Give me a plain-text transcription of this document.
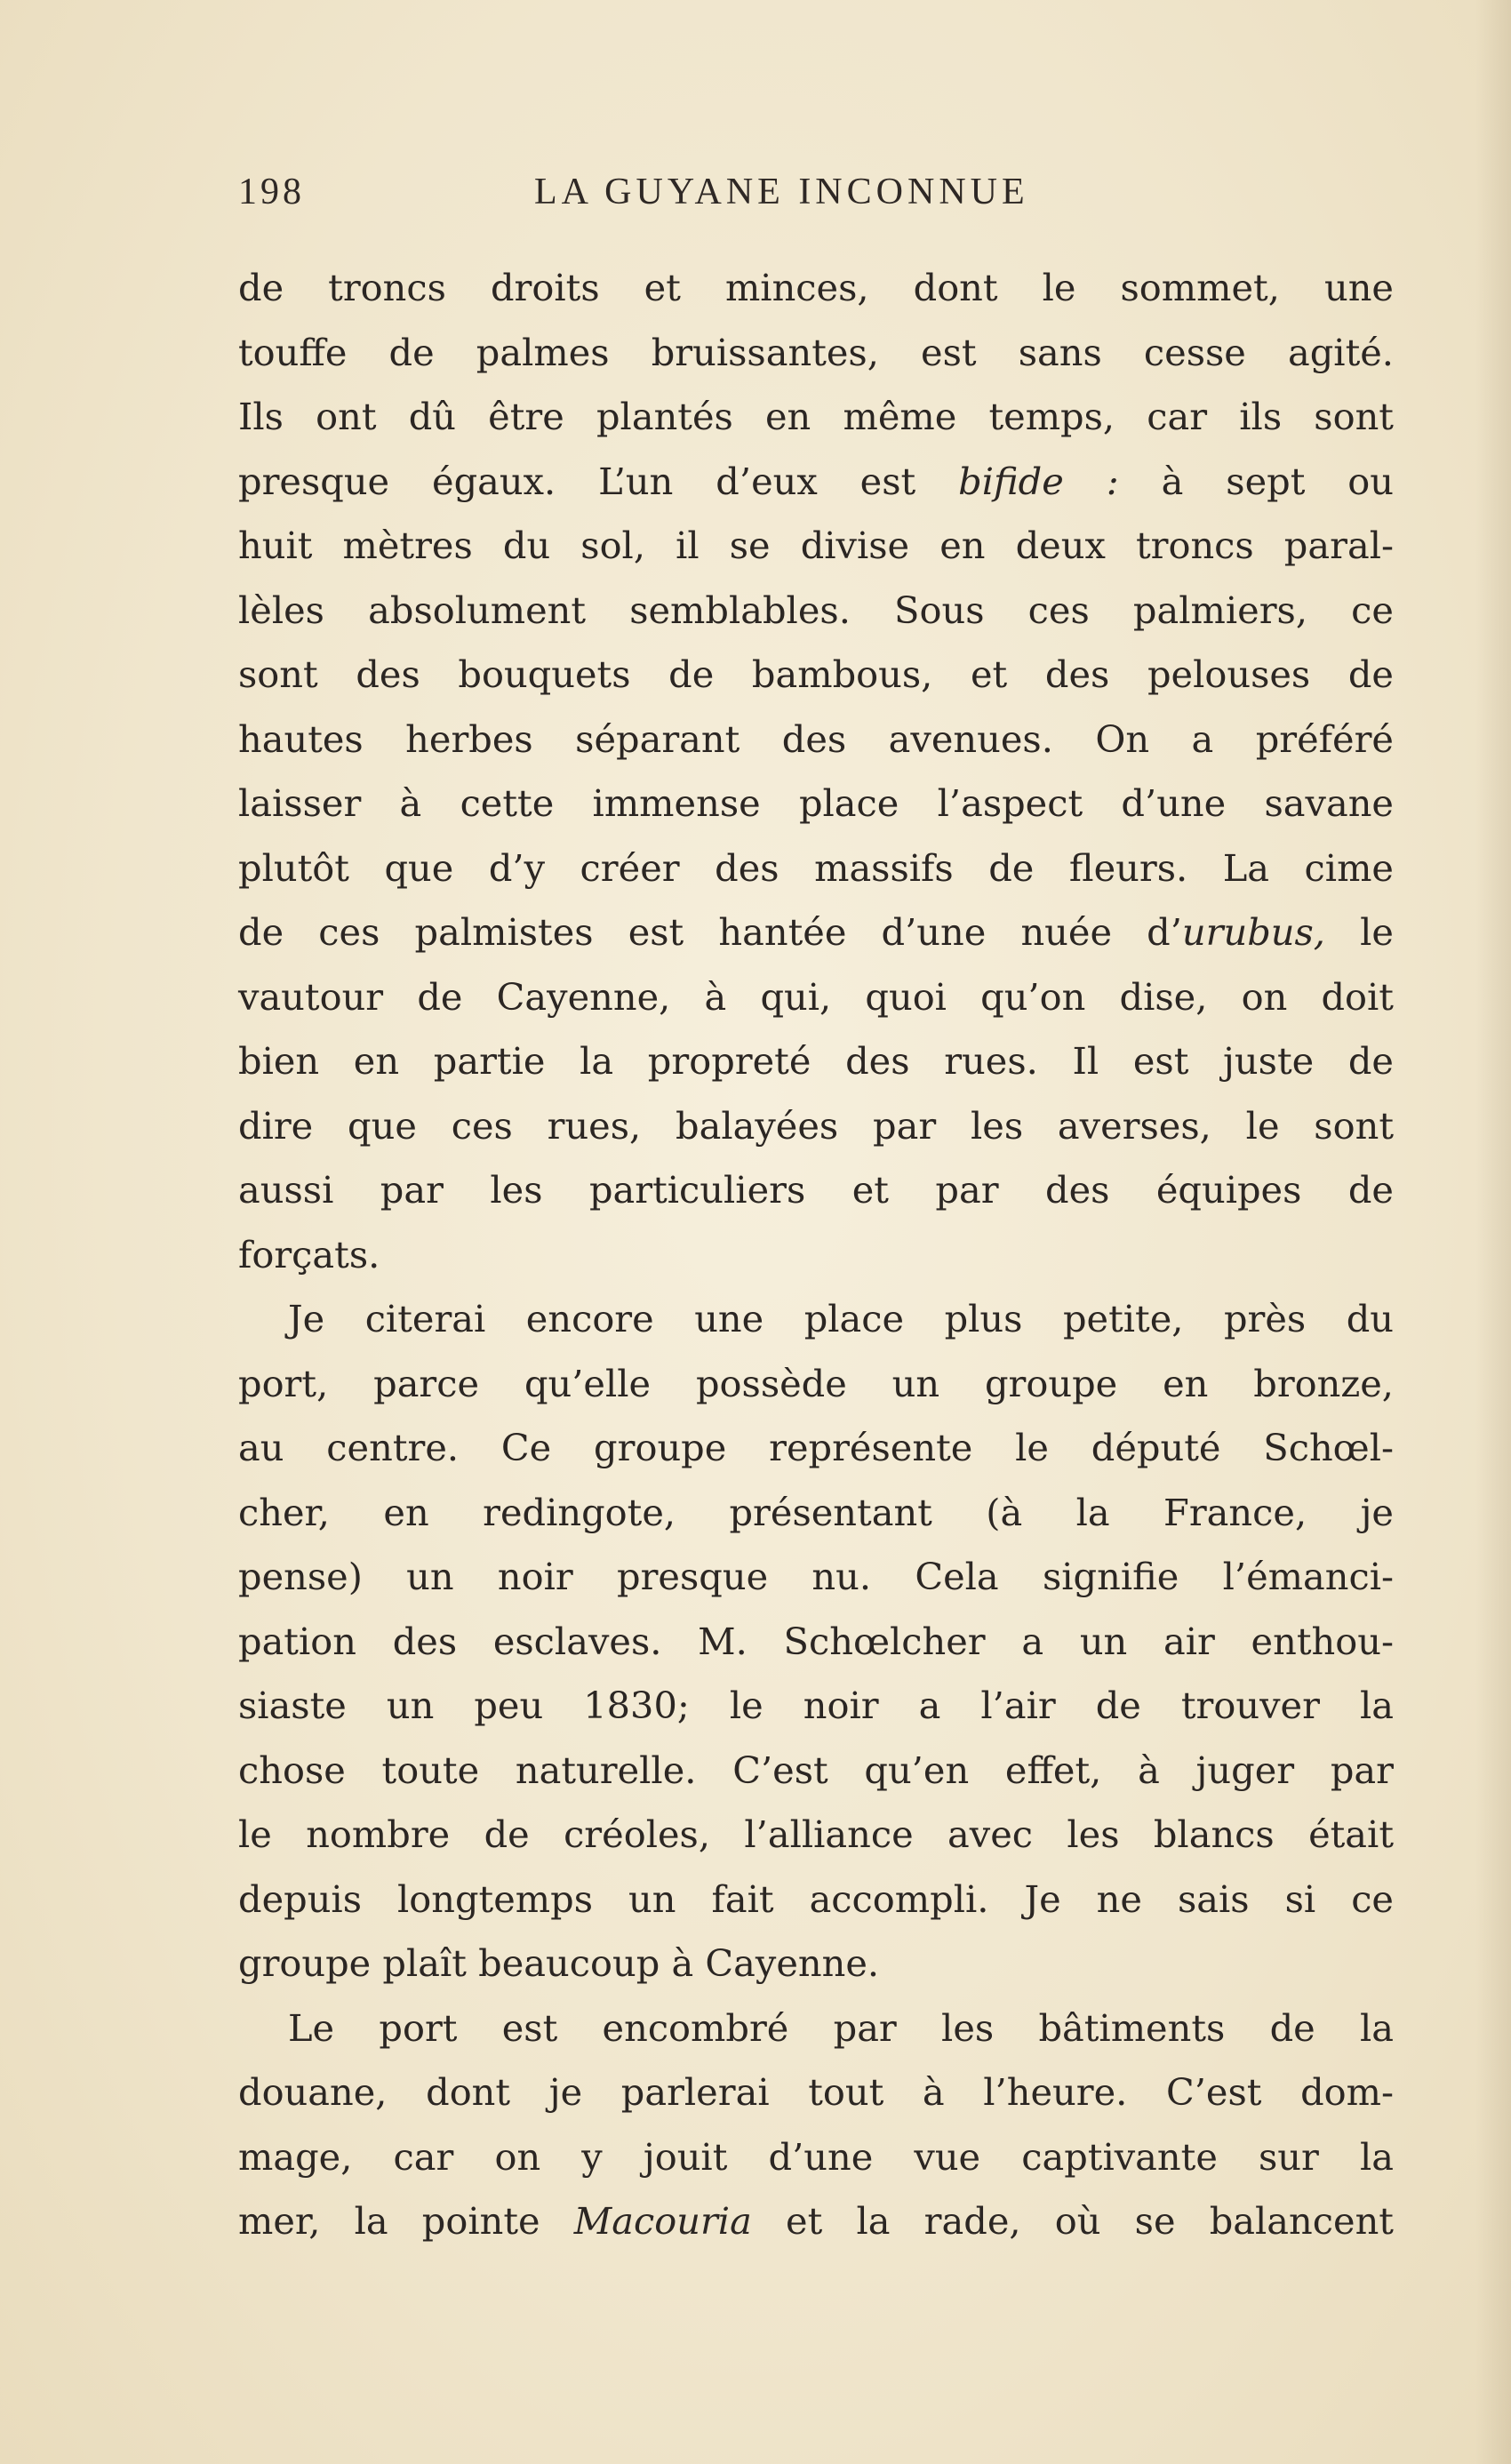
198	LA GUYANE INCONNUE
de troncs droits et minces, dont le sommet, une
touffe de palmes bruissantes, est sans cesse agité.
Ils ont dû être plantés en même temps, car ils sont
presque égaux. L’un d’eux est bifide : à sept ou
huit mètres du sol, il se divise en deux troncs paral-
lèles absolument semblables. Sous ces palmiers, ce
sont des bouquets de bambous, et des pelouses de
hautes herbes séparant des avenues. On a préféré
laisser à cette immense place l’aspect d’une savane
plutôt que d’y créer des massifs de fleurs. La cime
de ces palmistes est hantée d’une nuée d’urubus, le
vautour de Cayenne, à qui, quoi qu’on dise, on doit
bien en partie la propreté des rues. Il est juste de
dire que ces rues, balayées par les averses, le sont
aussi par les particuliers et par des équipes de
forçats.
Je citerai encore une place plus petite, près du
port, parce qu’elle possède un groupe en bronze,
au centre. Ce groupe représente le député Schœl-
cher, en redingote, présentant (à la France, je
pense) un noir presque nu. Cela signifie l’émanci-
pation des esclaves. M. Schœlcher a un air enthou-
siaste un peu 1830; le noir a l’air de trouver la
chose toute naturelle. C’est qu’en effet, à juger par
le nombre de créoles, l’alliance avec les blancs était
depuis longtemps un fait accompli. Je ne sais si ce
groupe plaît beaucoup à Cayenne.
Le port est encombré par les bâtiments de la
douane, dont je parlerai tout à l’heure. C’est dom-
mage, car on y jouit d’une vue captivante sur la
mer, la pointe Macouria et la rade, où se balancent
